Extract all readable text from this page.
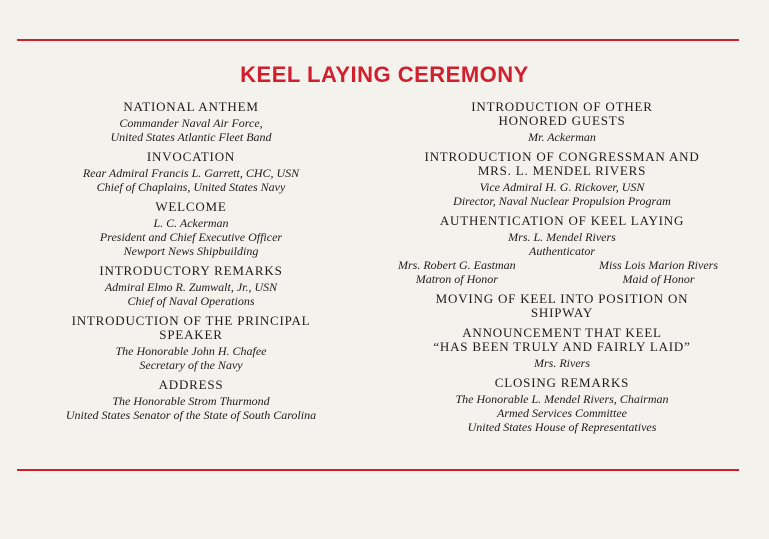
KEEL LAYING CEREMONY
NATIONAL ANTHEM
Commander Naval Air Force,
United States Atlantic Fleet Band
INVOCATION
Rear Admiral Francis L. Garrett, CHC, USN
Chief of Chaplains, United States Navy
WELCOME
L. C. Ackerman
President and Chief Executive Officer
Newport News Shipbuilding
INTRODUCTORY REMARKS
Admiral Elmo R. Zumwalt, Jr., USN
Chief of Naval Operations
INTRODUCTION OF THE PRINCIPAL
SPEAKER
The Honorable John H. Chafee
Secretary of the Navy
ADDRESS
The Honorable Strom Thurmond
United States Senator of the State of South Carolina
INTRODUCTION OF OTHER
HONORED GUESTS
Mr. Ackerman
INTRODUCTION OF CONGRESSMAN AND
MRS. L. MENDEL RIVERS
Vice Admiral H. G. Rickover, USN
Director, Naval Nuclear Propulsion Program
AUTHENTICATION OF KEEL LAYING
Mrs. L. Mendel Rivers
Authenticator
Mrs. Robert G. Eastman
Matron of Honor
Miss Lois Marion Rivers
Maid of Honor
MOVING OF KEEL INTO POSITION ON
SHIPWAY
ANNOUNCEMENT THAT KEEL
“HAS BEEN TRULY AND FAIRLY LAID”
Mrs. Rivers
CLOSING REMARKS
The Honorable L. Mendel Rivers, Chairman
Armed Services Committee
United States House of Representatives
